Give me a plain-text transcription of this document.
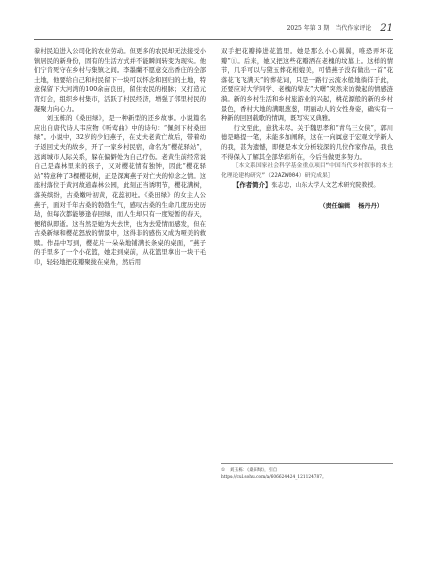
2025 年第 3 期 当代作家评论 21

豢村民迫进入公司化的农业劳动。但更多的农民却无法接受小镇居民的新身份，固有的生活方式并不能瞬间转变为现实。他们宁肯死守在乡村与集镇之间。李墨蘭不愿意交出香庄的全部土地，他要给自己和村民留下一块可以怀念和回归的土地，特意保留下大河湾的100余亩良田，留住农民的根脉；又打造元宵灯会，组织乡村集市，活跃了村民经济，增强了邻里村民的凝聚力向心力。

刘玉栋的《桑田绿》，是一种新型的还乡故事。小说篇名应出自唐代诗人韦应物《听莺曲》中的诗句：“佩剑下村桑田绿”。小说中，32岁的少妇燕子，在丈夫老黄亡故后，带着幼子返回丈夫的故乡，开了一家乡村民宿，命名为“樱花驿站”，远离城市人际关系，躲在偏僻处为自己疗伤。老黄生前经常说自己是森林里来的孩子，又对樱花情有独钟，因此“樱花驿站”特意种了3棵樱花树，正是深寓燕子对亡夫的悼念之情。这座村落位于黄河故道森林公园，此刻正当诱明节，樱花满树，落英缤纷，古桑嫩叶初黄，花蕊初吐。《桑田绿》的女主人公燕子，面对千年古桑的勃勃生气，感叹古桑的生命几度历史历劫，但每次都能够逢春回绿，而人生却只有一度短暂的春天，便稍纵即逝。这当然是她为夫去世，也为去爱情而感发，但在古桑新绿和樱花怒放的情景中，这得非的感伤又成为哑美的救赎。作品中写到，樱花片一朵朵地铺满长条桌的桌面，“燕子的手里多了一个小花篮，她走到桌前，从花篮里拿出一块干毛巾，轻轻地把花瓣聚拢在桌角，然后用

双手把花瓣捧进花篮里。她是那么小心翼翼，唯恐弄坏花瓣”①。后来，她又把这些花瓣洒在老槐的坟墓上。这样的情节，几乎可以与黛玉葬花相媲美，可惜燕子没有做出一首“花落花飞飞满天”的葬花词，只是一路行云流水般地徜徉于此，还要应对大学同学、老槐的挚友“大曙”突然来访微起的情感涟漪。新的乡村生活和乡村旅游业的兴起，桃花源般的新的乡村景色，香村大地的满眼葱葱，明丽动人的女性身姿，确实有一种新的回回载歌的情调，既写实又典雅。

行文至此，意犹未尽。关于魏思孝和“青鸟三女侠”，郭川德是略提一笔，未能多加阐释，这在一向属意于宏观文学新人的我，甚为遗憾，即便是本文分析较深的几位作家作品，我也不得保入了解其全部华彩所在，今后当做更多努力。

［本文系国家社会科学基金重点项目“中国当代乡村叙事的本土化理论建构研究”（22AZW004）研究成果］

【作者简介】张志忠，山东大学人文艺术研究院教授。

（责任编辑 杨丹丹）
① 刘玉栋：《桑田绿》，引自 https://cul.sohu.com/a/606624424_121124787。
